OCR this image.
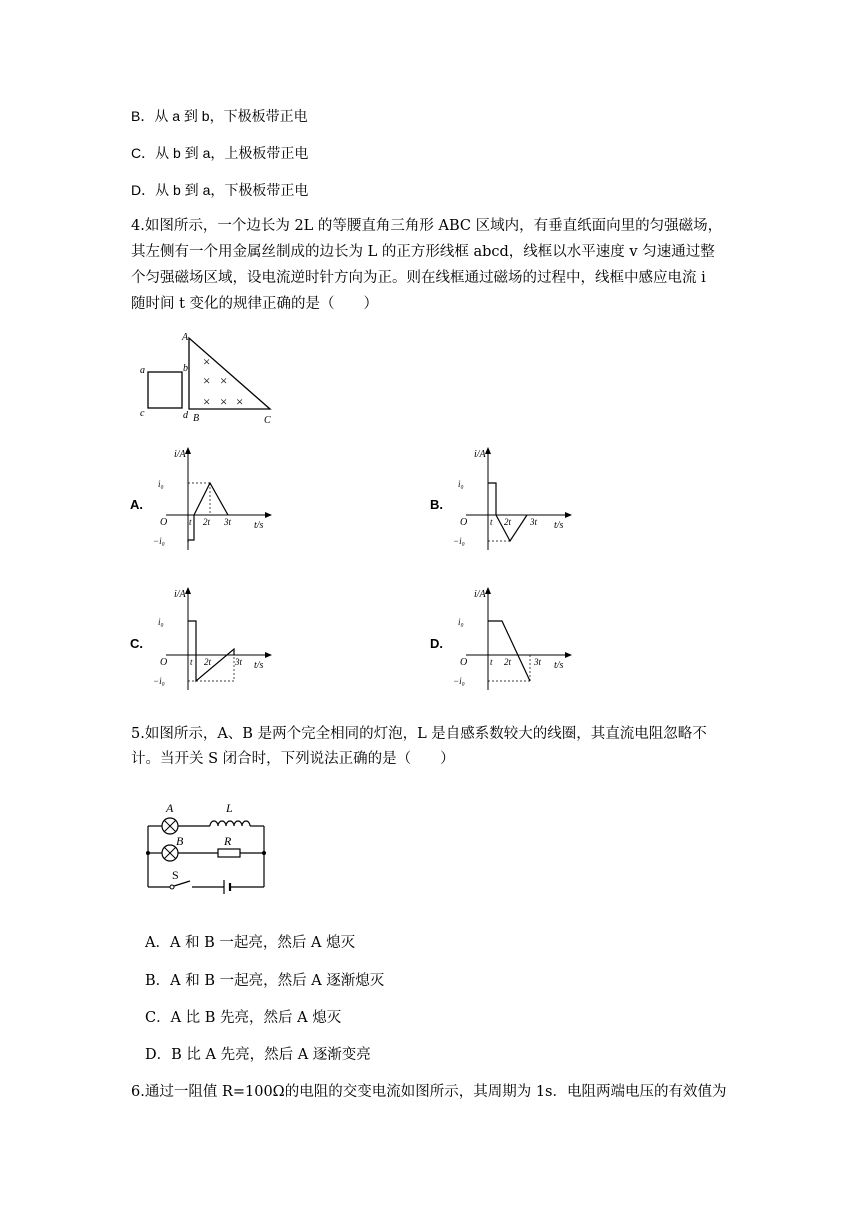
B．从 a 到 b，下极板带正电
C．从 b 到 a，上极板带正电
D．从 b 到 a，下极板带正电
4.如图所示，一个边长为 2L 的等腰直角三角形 ABC 区域内，有垂直纸面向里的匀强磁场，
其左侧有一个用金属丝制成的边长为 L 的正方形线框 abcd，线框以水平速度 v 匀速通过整
个匀强磁场区域，设电流逆时针方向为正。则在线框通过磁场的过程中，线框中感应电流 i
随时间 t 变化的规律正确的是（　　）
A
B	C
a	b
c	d
×
× ×
× × ×
A.	B.
C.	D.
i/A
t/s
O
i₀
−i₀
t 2t 3t
i/A
t/s
O
i₀
−i₀
t 2t 3t
i/A
t/s
O
i₀
−i₀
t 2t	3t
i/A
t/s
O
i₀
−i₀
t 2t	3t
5.如图所示，A、B 是两个完全相同的灯泡，L 是自感系数较大的线圈，其直流电阻忽略不
计。当开关 S 闭合时，下列说法正确的是（　　）
A
B
L
R
S
A．A 和 B 一起亮，然后 A 熄灭
B．A 和 B 一起亮，然后 A 逐渐熄灭
C．A 比 B 先亮，然后 A 熄灭
D．B 比 A 先亮，然后 A 逐渐变亮
6.通过一阻值 R=100Ω的电阻的交变电流如图所示，其周期为 1s．电阻两端电压的有效值为
